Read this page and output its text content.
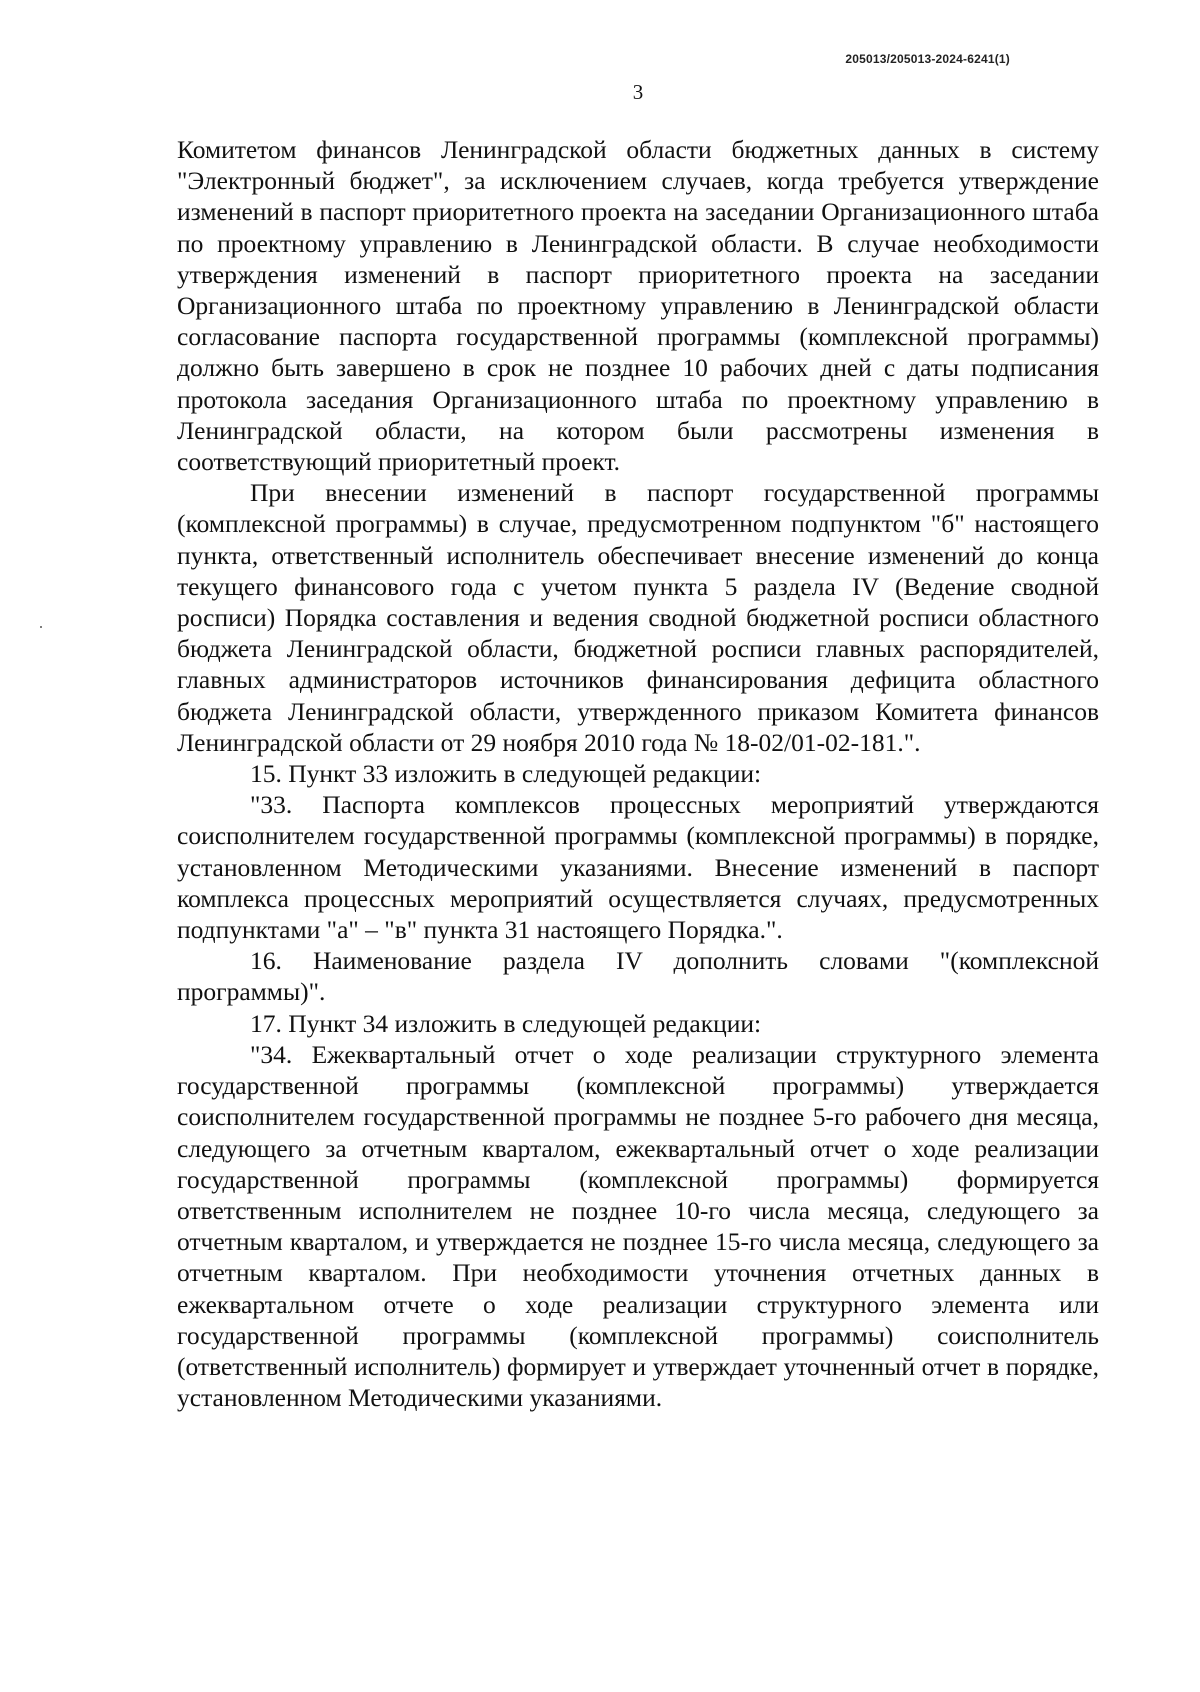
205013/205013-2024-6241(1)
3

Комитетом финансов Ленинградской области бюджетных данных в систему "Электронный бюджет", за исключением случаев, когда требуется утверждение изменений в паспорт приоритетного проекта на заседании Организационного штаба по проектному управлению в Ленинградской области. В случае необходимости утверждения изменений в паспорт приоритетного проекта на заседании Организационного штаба по проектному управлению в Ленинградской области согласование паспорта государственной программы (комплексной программы) должно быть завершено в срок не позднее 10 рабочих дней с даты подписания протокола заседания Организационного штаба по проектному управлению в Ленинградской области, на котором были рассмотрены изменения в соответствующий приоритетный проект.

При внесении изменений в паспорт государственной программы (комплексной программы) в случае, предусмотренном подпунктом "б" настоящего пункта, ответственный исполнитель обеспечивает внесение изменений до конца текущего финансового года с учетом пункта 5 раздела IV (Ведение сводной росписи) Порядка составления и ведения сводной бюджетной росписи областного бюджета Ленинградской области, бюджетной росписи главных распорядителей, главных администраторов источников финансирования дефицита областного бюджета Ленинградской области, утвержденного приказом Комитета финансов Ленинградской области от 29 ноября 2010 года № 18-02/01-02-181.".

15. Пункт 33 изложить в следующей редакции:

"33. Паспорта комплексов процессных мероприятий утверждаются соисполнителем государственной программы (комплексной программы) в порядке, установленном Методическими указаниями. Внесение изменений в паспорт комплекса процессных мероприятий осуществляется случаях, предусмотренных подпунктами "а" – "в" пункта 31 настоящего Порядка.".

16. Наименование раздела IV дополнить словами "(комплексной программы)".

17. Пункт 34 изложить в следующей редакции:

"34. Ежеквартальный отчет о ходе реализации структурного элемента государственной программы (комплексной программы) утверждается соисполнителем государственной программы не позднее 5-го рабочего дня месяца, следующего за отчетным кварталом, ежеквартальный отчет о ходе реализации государственной программы (комплексной программы) формируется ответственным исполнителем не позднее 10-го числа месяца, следующего за отчетным кварталом, и утверждается не позднее 15-го числа месяца, следующего за отчетным кварталом. При необходимости уточнения отчетных данных в ежеквартальном отчете о ходе реализации структурного элемента или государственной программы (комплексной программы) соисполнитель (ответственный исполнитель) формирует и утверждает уточненный отчет в порядке, установленном Методическими указаниями.
